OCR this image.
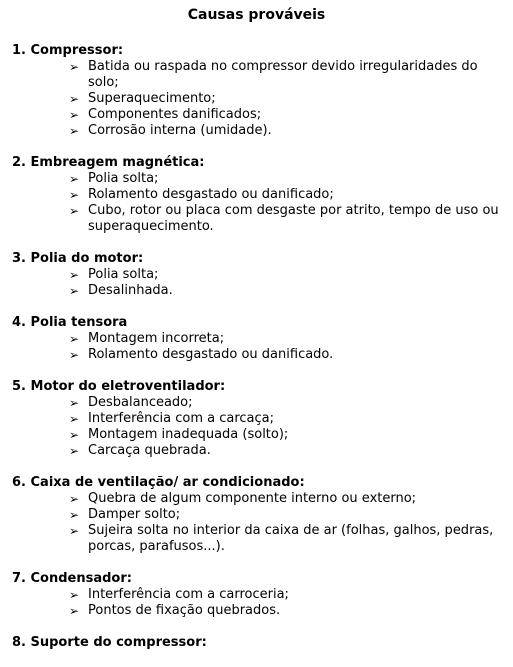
Causas prováveis
1. Compressor:
➢ Batida ou raspada no compressor devido irregularidades do solo;
➢ Superaquecimento;
➢ Componentes danificados;
➢ Corrosão interna (umidade).
2. Embreagem magnética:
➢ Polia solta;
➢ Rolamento desgastado ou danificado;
➢ Cubo, rotor ou placa com desgaste por atrito, tempo de uso ou superaquecimento.
3. Polia do motor:
➢ Polia solta;
➢ Desalinhada.
4. Polia tensora
➢ Montagem incorreta;
➢ Rolamento desgastado ou danificado.
5. Motor do eletroventilador:
➢ Desbalanceado;
➢ Interferência com a carcaça;
➢ Montagem inadequada (solto);
➢ Carcaça quebrada.
6. Caixa de ventilação/ ar condicionado:
➢ Quebra de algum componente interno ou externo;
➢ Damper solto;
➢ Sujeira solta no interior da caixa de ar (folhas, galhos, pedras, porcas, parafusos...).
7. Condensador:
➢ Interferência com a carroceria;
➢ Pontos de fixação quebrados.
8. Suporte do compressor:
